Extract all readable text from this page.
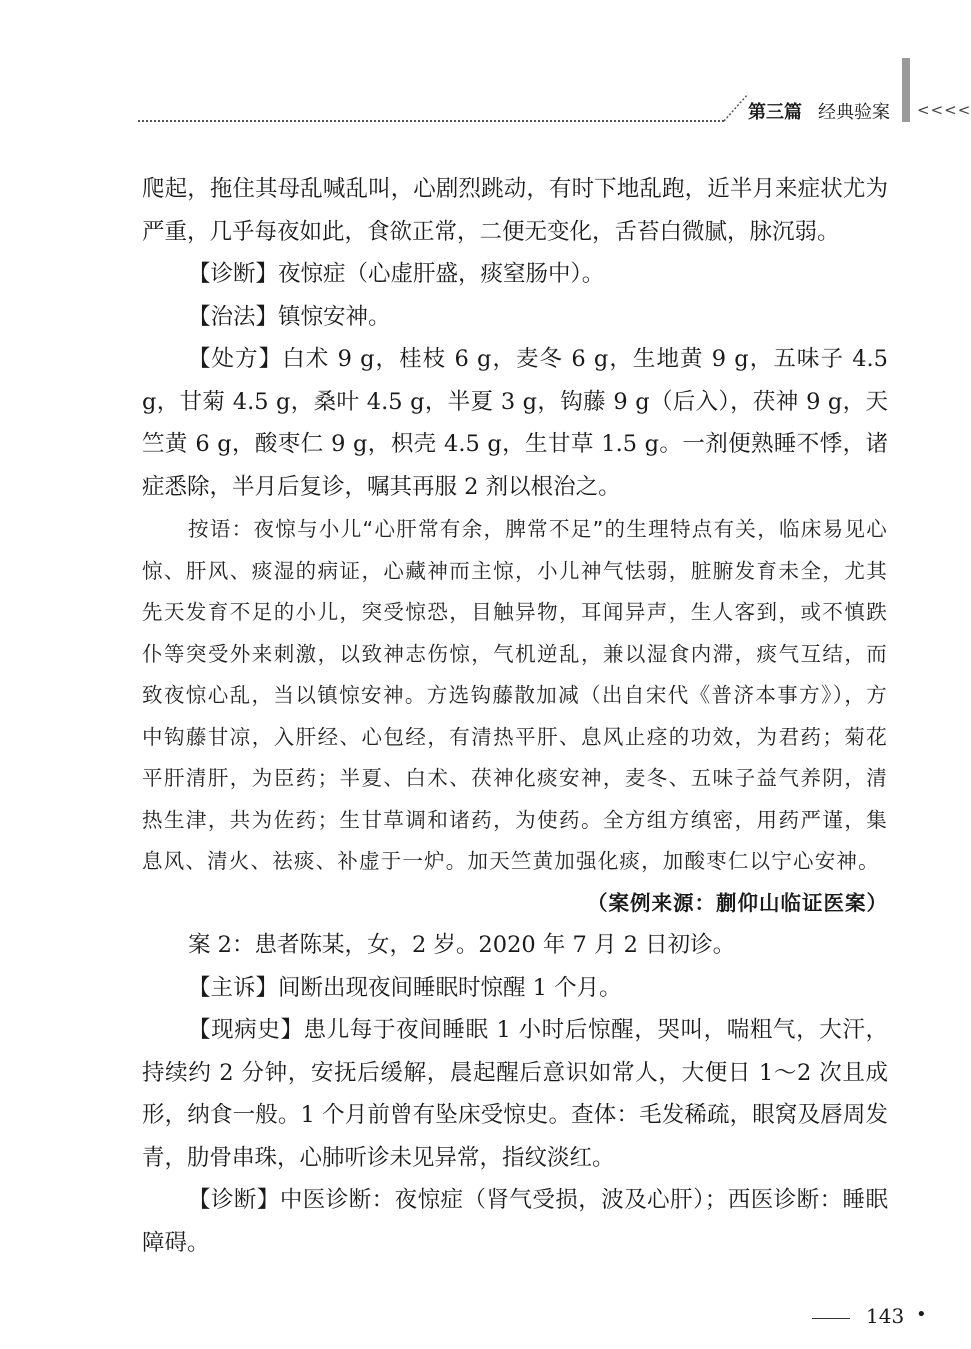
第三篇 经典验案 <<<<

爬起，拖住其母乱喊乱叫，心剧烈跳动，有时下地乱跑，近半月来症状尤为严重，几乎每夜如此，食欲正常，二便无变化，舌苔白微腻，脉沉弱。

【诊断】夜惊症（心虚肝盛，痰窒肠中）。

【治法】镇惊安神。

【处方】白术 9 g，桂枝 6 g，麦冬 6 g，生地黄 9 g，五味子 4.5 g，甘菊 4.5 g，桑叶 4.5 g，半夏 3 g，钩藤 9 g（后入），茯神 9 g，天竺黄 6 g，酸枣仁 9 g，枳壳 4.5 g，生甘草 1.5 g。一剂便熟睡不悸，诸症悉除，半月后复诊，嘱其再服 2 剂以根治之。

按语：夜惊与小儿“心肝常有余，脾常不足”的生理特点有关，临床易见心惊、肝风、痰湿的病证，心藏神而主惊，小儿神气怯弱，脏腑发育未全，尤其先天发育不足的小儿，突受惊恐，目触异物，耳闻异声，生人客到，或不慎跌仆等突受外来刺激，以致神志伤惊，气机逆乱，兼以湿食内滞，痰气互结，而致夜惊心乱，当以镇惊安神。方选钩藤散加减（出自宋代《普济本事方》），方中钩藤甘凉，入肝经、心包经，有清热平肝、息风止痉的功效，为君药；菊花平肝清肝，为臣药；半夏、白术、茯神化痰安神，麦冬、五味子益气养阴，清热生津，共为佐药；生甘草调和诸药，为使药。全方组方缜密，用药严谨，集息风、清火、祛痰、补虚于一炉。加天竺黄加强化痰，加酸枣仁以宁心安神。

（案例来源：蒯仰山临证医案）

案 2：患者陈某，女，2 岁。2020 年 7 月 2 日初诊。

【主诉】间断出现夜间睡眠时惊醒 1 个月。

【现病史】患儿每于夜间睡眠 1 小时后惊醒，哭叫，喘粗气，大汗，持续约 2 分钟，安抚后缓解，晨起醒后意识如常人，大便日 1～2 次且成形，纳食一般。1 个月前曾有坠床受惊史。查体：毛发稀疏，眼窝及唇周发青，肋骨串珠，心肺听诊未见异常，指纹淡红。

【诊断】中医诊断：夜惊症（肾气受损，波及心肝）；西医诊断：睡眠障碍。

143 •
